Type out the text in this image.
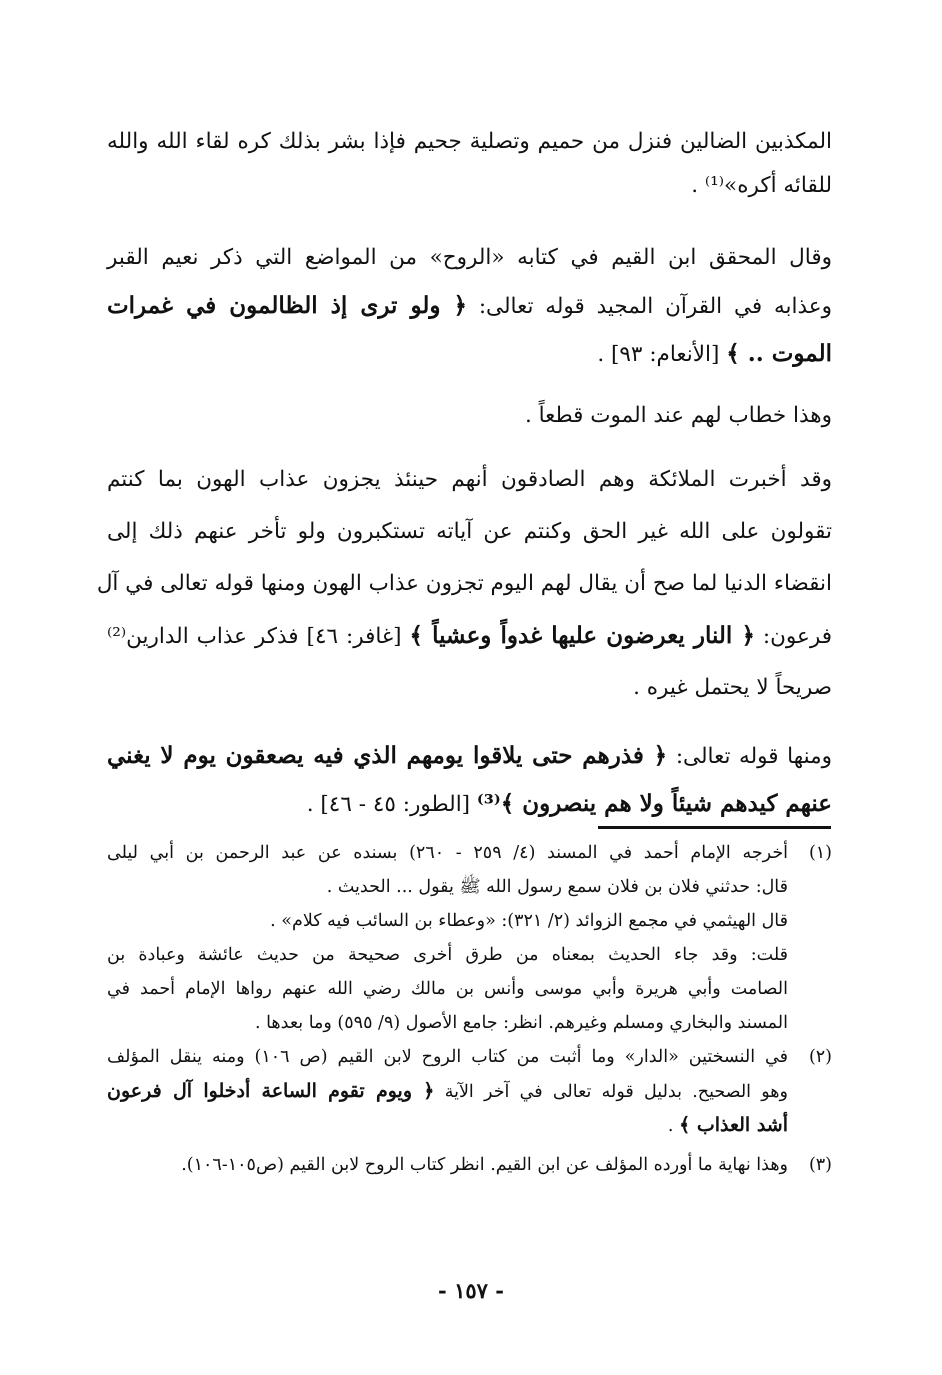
المكذبين الضالين فنزل من حميم وتصلية جحيم فإذا بشر بذلك كره لقاء الله والله
للقائه أكره»⁽¹⁾ .
وقال المحقق ابن القيم في كتابه «الروح» من المواضع التي ذكر نعيم القبر
وعذابه في القرآن المجيد قوله تعالى: ﴿ ولو ترى إذ الظالمون في غمرات
الموت .. ﴾ [الأنعام: ٩٣] .
وهذا خطاب لهم عند الموت قطعاً .
وقد أخبرت الملائكة وهم الصادقون أنهم حينئذ يجزون عذاب الهون بما كنتم
تقولون على الله غير الحق وكنتم عن آياته تستكبرون ولو تأخر عنهم ذلك إلى
انقضاء الدنيا لما صح أن يقال لهم اليوم تجزون عذاب الهون ومنها قوله تعالى في آل
فرعون: ﴿ النار يعرضون عليها غدواً وعشياً ﴾ [غافر: ٤٦] فذكر عذاب الدارين⁽²⁾
صريحاً لا يحتمل غيره .
ومنها قوله تعالى: ﴿ فذرهم حتى يلاقوا يومهم الذي فيه يصعقون يوم لا يغني
عنهم كيدهم شيئاً ولا هم ينصرون ﴾⁽³⁾ [الطور: ٤٥ - ٤٦] .
(١)
أخرجه الإمام أحمد في المسند (٤/ ٢٥٩ - ٢٦٠) بسنده عن عبد الرحمن بن أبي ليلى
قال: حدثني فلان بن فلان سمع رسول الله ﷺ يقول ... الحديث .
قال الهيثمي في مجمع الزوائد (٢/ ٣٢١): «وعطاء بن السائب فيه كلام» .
قلت: وقد جاء الحديث بمعناه من طرق أخرى صحيحة من حديث عائشة وعبادة بن
الصامت وأبي هريرة وأبي موسى وأنس بن مالك رضي الله عنهم رواها الإمام أحمد في
المسند والبخاري ومسلم وغيرهم. انظر: جامع الأصول (٩/ ٥٩٥) وما بعدها .
(٢)
في النسختين «الدار» وما أثبت من كتاب الروح لابن القيم (ص ١٠٦) ومنه ينقل المؤلف
وهو الصحيح. بدليل قوله تعالى في آخر الآية ﴿ ويوم تقوم الساعة أدخلوا آل فرعون
أشد العذاب ﴾ .
(٣)
وهذا نهاية ما أورده المؤلف عن ابن القيم. انظر كتاب الروح لابن القيم (ص١٠٥-١٠٦).
- ١٥٧ -
